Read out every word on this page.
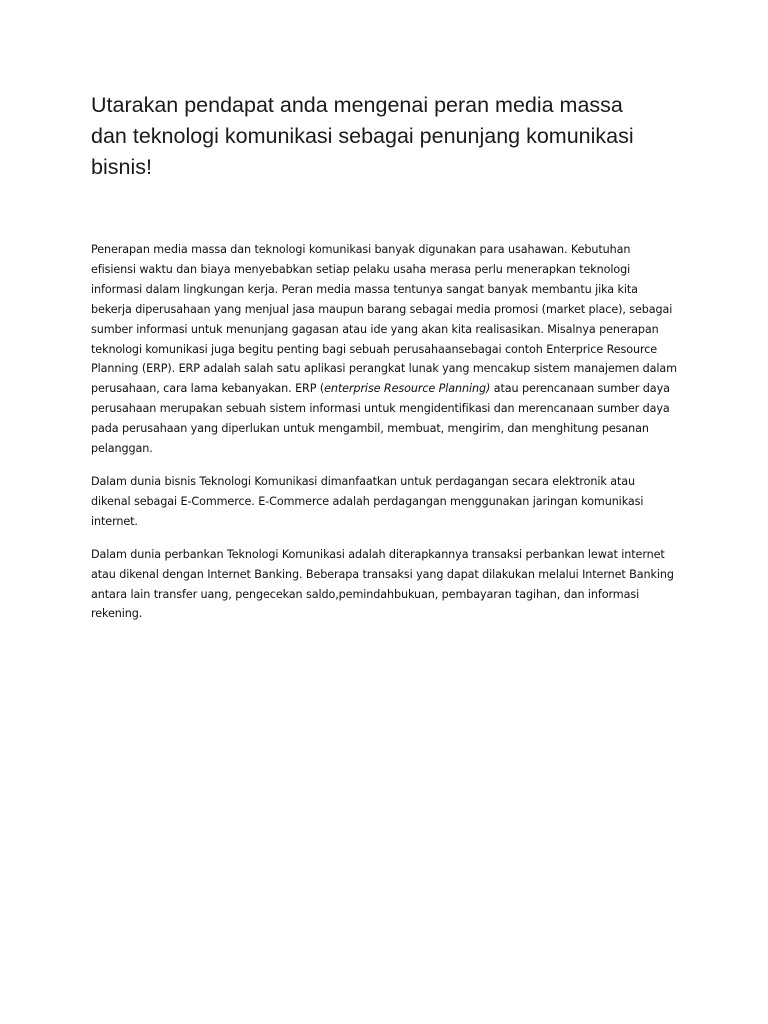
Utarakan pendapat anda mengenai peran media massa
dan teknologi komunikasi sebagai penunjang komunikasi
bisnis!

Penerapan media massa dan teknologi komunikasi banyak digunakan para usahawan. Kebutuhan
efisiensi waktu dan biaya menyebabkan setiap pelaku usaha merasa perlu menerapkan teknologi
informasi dalam lingkungan kerja. Peran media massa tentunya sangat banyak membantu jika kita
bekerja diperusahaan yang menjual jasa maupun barang sebagai media promosi (market place), sebagai
sumber informasi untuk menunjang gagasan atau ide yang akan kita realisasikan. Misalnya penerapan
teknologi komunikasi juga begitu penting bagi sebuah perusahaansebagai contoh Enterprice Resource
Planning (ERP). ERP adalah salah satu aplikasi perangkat lunak yang mencakup sistem manajemen dalam
perusahaan, cara lama kebanyakan. ERP (enterprise Resource Planning) atau perencanaan sumber daya
perusahaan merupakan sebuah sistem informasi untuk mengidentifikasi dan merencanaan sumber daya
pada perusahaan yang diperlukan untuk mengambil, membuat, mengirim, dan menghitung pesanan
pelanggan.

Dalam dunia bisnis Teknologi Komunikasi dimanfaatkan untuk perdagangan secara elektronik atau
dikenal sebagai E-Commerce. E-Commerce adalah perdagangan menggunakan jaringan komunikasi
internet.

Dalam dunia perbankan Teknologi Komunikasi adalah diterapkannya transaksi perbankan lewat internet
atau dikenal dengan Internet Banking. Beberapa transaksi yang dapat dilakukan melalui Internet Banking
antara lain transfer uang, pengecekan saldo,pemindahbukuan, pembayaran tagihan, dan informasi
rekening.
